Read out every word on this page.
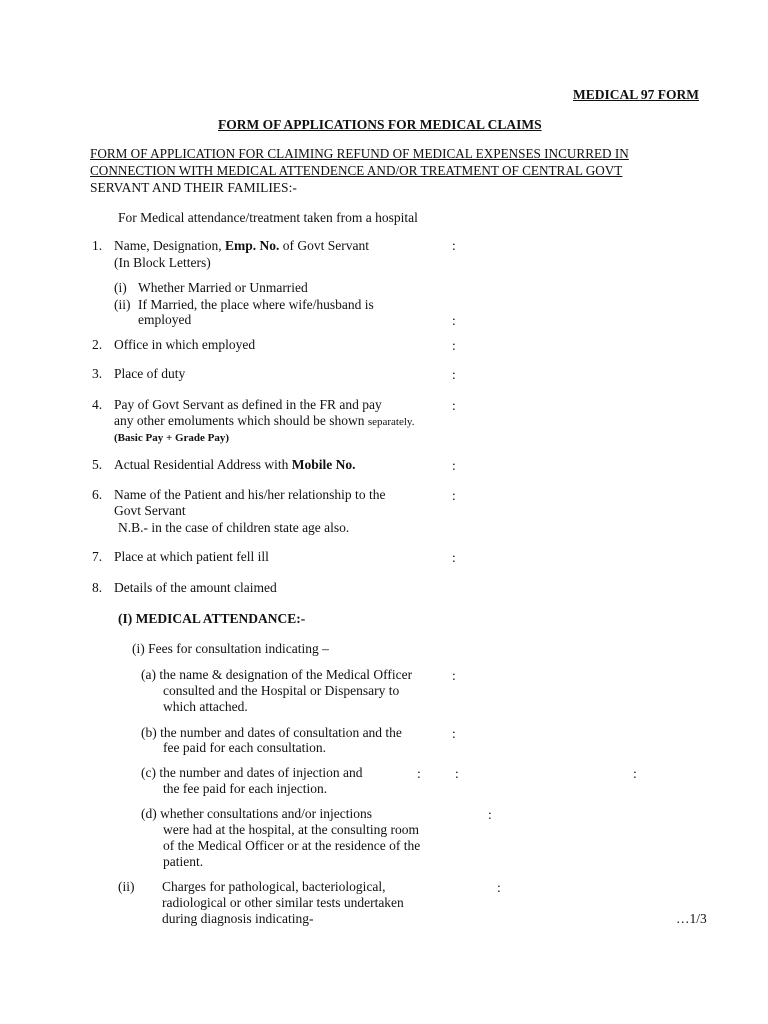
MEDICAL 97 FORM
FORM OF APPLICATIONS FOR MEDICAL CLAIMS
FORM OF APPLICATION FOR CLAIMING REFUND OF MEDICAL EXPENSES INCURRED IN
CONNECTION WITH MEDICAL ATTENDENCE AND/OR TREATMENT OF CENTRAL GOVT
SERVANT AND THEIR FAMILIES:-
For Medical attendance/treatment taken from a hospital
1. Name, Designation, Emp. No. of Govt Servant	:
(In Block Letters)
(i) Whether Married or Unmarried
(ii) If Married, the place where wife/husband is
employed	:
2. Office in which employed	:
3. Place of duty	:
4. Pay of Govt Servant as defined in the FR and pay	:
any other emoluments which should be shown separately.
(Basic Pay + Grade Pay)
5. Actual Residential Address with Mobile No.	:
6. Name of the Patient and his/her relationship to the	:
Govt Servant
N.B.- in the case of children state age also.
7. Place at which patient fell ill	:
8. Details of the amount claimed
(I) MEDICAL ATTENDANCE:-
(i) Fees for consultation indicating –
(a) the name & designation of the Medical Officer	:
consulted and the Hospital or Dispensary to
which attached.
(b) the number and dates of consultation and the	:
fee paid for each consultation.
(c) the number and dates of injection and	:	:	:
the fee paid for each injection.
(d) whether consultations and/or injections	:
were had at the hospital, at the consulting room
of the Medical Officer or at the residence of the
patient.
(ii) Charges for pathological, bacteriological,	:
radiological or other similar tests undertaken
during diagnosis indicating-	…1/3
